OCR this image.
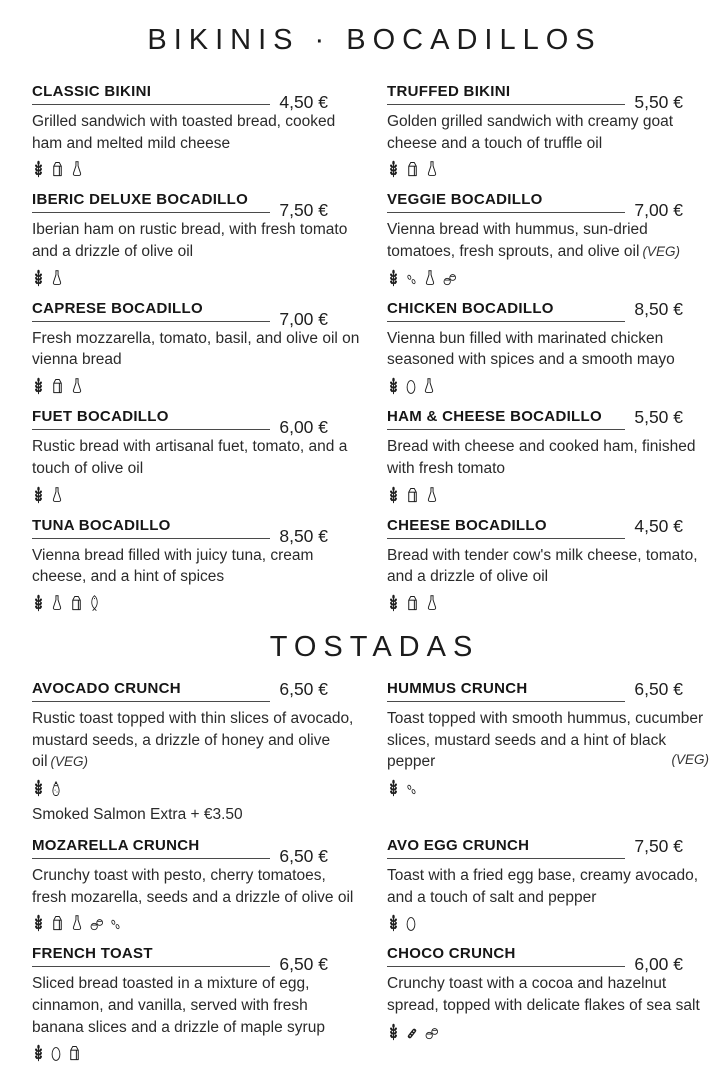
BIKINIS · BOCADILLOS
CLASSIC BIKINI
4,50 €

Grilled sandwich with toasted bread, cooked ham and melted mild cheese

TRUFFED BIKINI
5,50 €

Golden grilled sandwich with creamy goat cheese and a touch of truffle oil

IBERIC DELUXE BOCADILLO
7,50 €

Iberian ham on rustic bread, with fresh tomato and a drizzle of olive oil

VEGGIE BOCADILLO
7,00 €

Vienna bread with hummus, sun-dried tomatoes, fresh sprouts, and olive oil (VEG)

CAPRESE BOCADILLO
7,00 €

Fresh mozzarella, tomato, basil, and olive oil on vienna bread

CHICKEN BOCADILLO	8,50 €

Vienna bun filled with marinated chicken seasoned with spices and a smooth mayo

FUET BOCADILLO
6,00 €

Rustic bread with artisanal fuet, tomato, and a touch of olive oil

HAM & CHEESE BOCADILLO	5,50 €

Bread with cheese and cooked ham, finished with fresh tomato

TUNA BOCADILLO
8,50 €

Vienna bread filled with juicy tuna, cream cheese, and a hint of spices

CHEESE BOCADILLO	4,50 €

Bread with tender cow's milk cheese, tomato, and a drizzle of olive oil

TOSTADAS
AVOCADO CRUNCH	6,50 €

Rustic toast topped with thin slices of avocado, mustard seeds, a drizzle of honey and olive oil (VEG)

Smoked Salmon Extra + €3.50

HUMMUS CRUNCH	6,50 €

Toast topped with smooth hummus, cucumber slices, mustard seeds and a hint of black pepper	(VEG)

MOZARELLA CRUNCH
6,50 €

Crunchy toast with pesto, cherry tomatoes, fresh mozarella, seeds and a drizzle of olive oil

AVO EGG CRUNCH	7,50 €

Toast with a fried egg base, creamy avocado, and a touch of salt and pepper

FRENCH TOAST
6,50 €

Sliced bread toasted in a mixture of egg, cinnamon, and vanilla, served with fresh banana slices and a drizzle of maple syrup

CHOCO CRUNCH
6,00 €

Crunchy toast with a cocoa and hazelnut spread, topped with delicate flakes of sea salt
